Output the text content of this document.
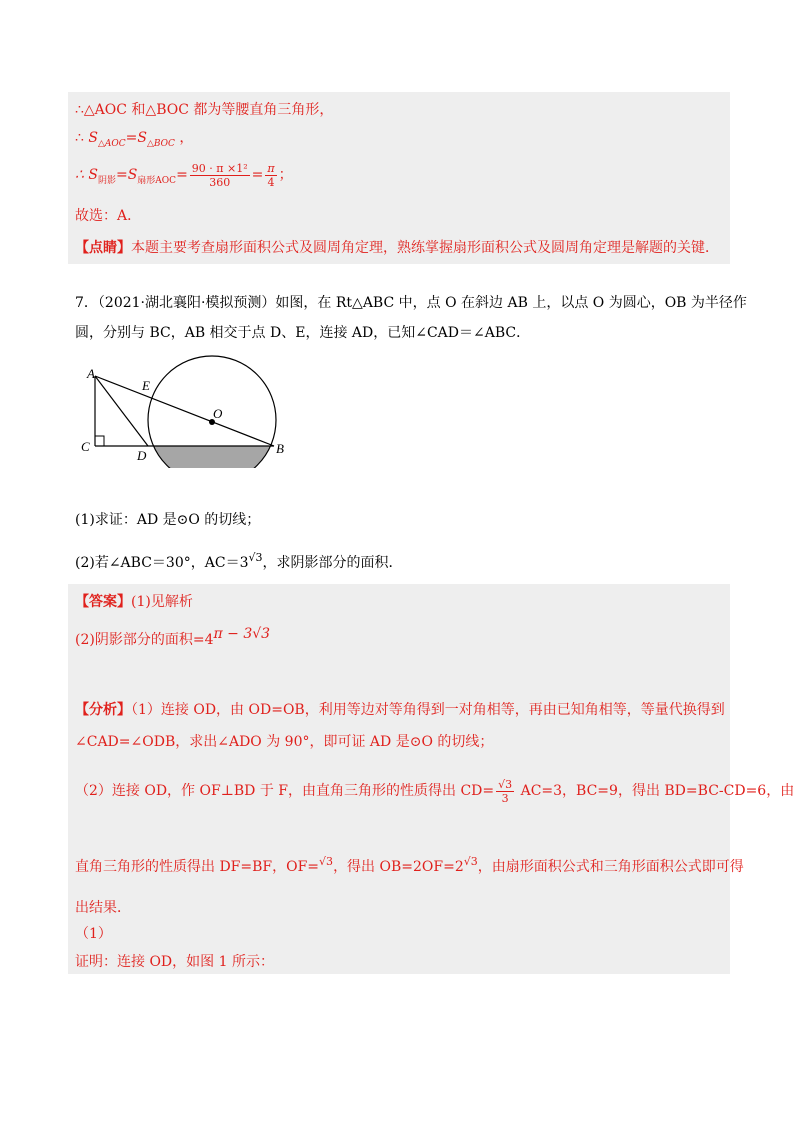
∴△AOC 和△BOC 都为等腰直角三角形，
∴ $S_{\triangle AOC}=S_{\triangle BOC}$ ，
∴ $S_{阴影}=S_{扇形AOC}= \frac{\text{90 · π ×1²}}{360} = \frac{\pi}{4}$ ；
故选：A．
【点睛】本题主要考查扇形面积公式及圆周角定理，熟练掌握扇形面积公式及圆周角定理是解题的关键．
7．（2021·湖北襄阳·模拟预测）如图，在 Rt△ABC 中，点 O 在斜边 AB 上，以点 O 为圆心，OB 为半径作
圆，分别与 BC，AB 相交于点 D、E，连接 AD，已知∠CAD＝∠ABC．
A
E
O
C
D	B
(1)求证：AD 是⊙O 的切线；
(2)若∠ABC＝30°，AC＝3√3，求阴影部分的面积．
【答案】(1)见解析
(2)阴影部分的面积=4π − 3√3
【分析】（1）连接 OD，由 OD=OB，利用等边对等角得到一对角相等，再由已知角相等，等量代换得到
∠CAD=∠ODB，求出∠ADO 为 90°，即可证 AD 是⊙O 的切线；
（2）连接 OD，作 OF⊥BD 于 F，由直角三角形的性质得出 $CD= \frac{√3}{3} AC=3$，BC=9，得出 BD=BC-CD=6，由
直角三角形的性质得出 DF=BF，OF=√3，得出 OB=2OF=2√3，由扇形面积公式和三角形面积公式即可得
出结果．
（1）
证明：连接 OD，如图 1 所示：
